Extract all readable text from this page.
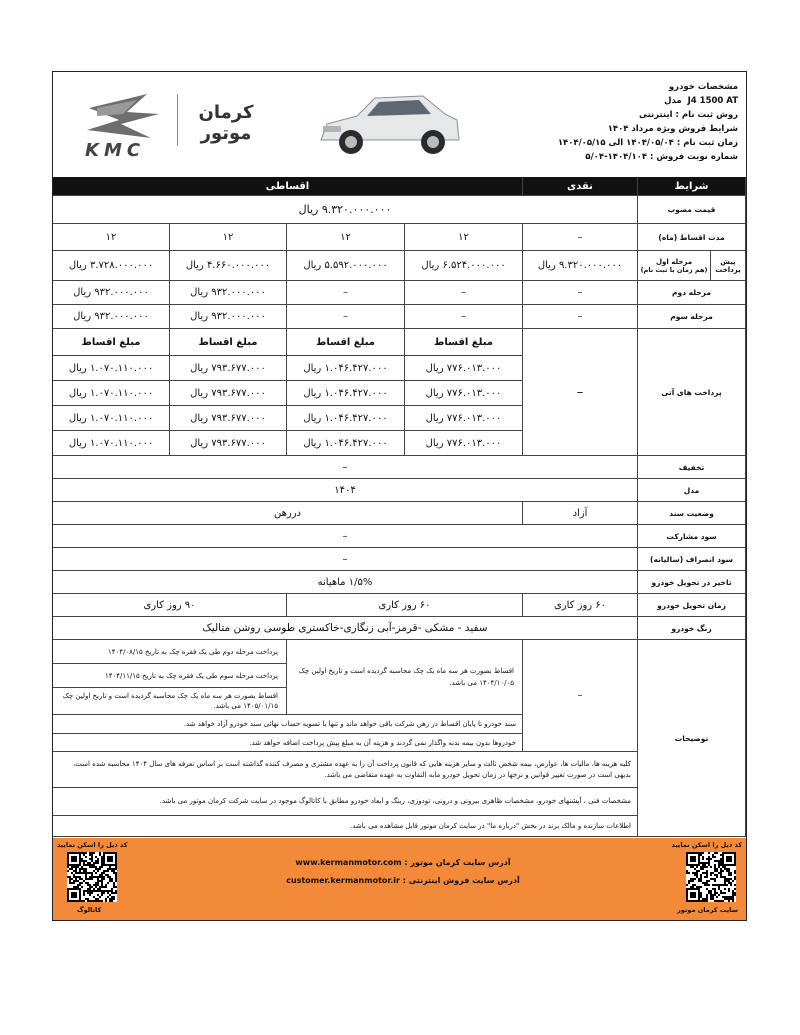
KMC
کرمان موتور
مشخصات خودرو
J4 1500 ATمدل
روش ثبت نام : اینترنتی
شرایط فروش ویژه مرداد ۱۴۰۴
زمان ثبت نام : ۱۴۰۴/۰۵/۰۴ الی ۱۴۰۴/۰۵/۱۵
شماره نوبت فروش : ۱۴۰۴/۱۰۴-۵/۰۴
شرایط
نقدی
اقساطی
قیمت مصوب
۹.۳۲۰.۰۰۰.۰۰۰ ریال
مدت اقساط (ماه)
–
۱۲
۱۲
۱۲
۱۲
پیش پرداخت
مرحله اول
(هم زمان با ثبت نام)
۹.۳۲۰.۰۰۰.۰۰۰ ریال
۶.۵۲۴.۰۰۰.۰۰۰ ریال
۵.۵۹۲.۰۰۰.۰۰۰ ریال
۴.۶۶۰.۰۰۰.۰۰۰ ریال
۳.۷۲۸.۰۰۰.۰۰۰ ریال
مرحله دوم
–
–
–
۹۳۲.۰۰۰.۰۰۰ ریال
۹۳۲.۰۰۰.۰۰۰ ریال
مرحله سوم
–
–
–
۹۳۲.۰۰۰.۰۰۰ ریال
۹۳۲.۰۰۰.۰۰۰ ریال
پرداخت های آتی
–
تخفیف
–
مدل
۱۴۰۴
وضعیت سند
آزاد
دررهن
سود مشارکت
–
سود انصراف (سالیانه)
–
تاخیر در تحویل خودرو
۱/۵% ماهیانه
زمان تحویل خودرو
۶۰ روز کاری
۶۰ روز کاری
۹۰ روز کاری
رنگ خودرو
سفید - مشکی -قرمز-آبی زنگاری-خاکستری طوسی روشن متالیک
توضیحات
–
اقساط بصورت هر سه ماه یک چک محاسبه گردیده است و تاریخ اولین چک ۱۴۰۴/۱۰/۰۵ می باشد.
پرداخت مرحله دوم طی یک فقره چک به تاریخ ۱۴۰۴/۰۸/۱۵
پرداخت مرحله سوم طی یک فقره چک به تاریخ ۱۴۰۴/۱۱/۱۵
اقساط بصورت هر سه ماه یک چک محاسبه گردیده است و تاریخ اولین چک ۱۴۰۵/۰۱/۱۵ می باشد.
سند خودرو تا پایان اقساط در رهن شرکت باقی خواهد ماند و تنها با تسویه حساب نهائی سند خودرو آزاد خواهد شد.
خودروها بدون بیمه بدنه واگذار نمی گردند و هزینه آن به مبلغ پیش پرداخت اضافه خواهد شد.
کلیه هزینه ها، مالیات ها، عوارض، بیمه شخص ثالث و سایر هزینه هایی که قانون پرداخت آن را به عهده مشتری و مصرف کننده گذاشته است بر اساس تعرفه های سال ۱۴۰۴ محاسبه شده است، بدیهی است در صورت تغییر قوانین و نرخها در زمان تحویل خودرو مابه التفاوت به عهده متقاضی می باشد.
مشخصات فنی ، آپشنهای خودرو، مشخصات ظاهری بیرونی و درونی، تودوزی، رینگ و ابعاد خودرو مطابق با کاتالوگ موجود در سایت شرکت کرمان موتور می باشد.
اطلاعات سازنده و مالک برند در بخش "درباره ما" در سایت کرمان موتور قابل مشاهده می باشد.
مبلغ اقساط
۷۷۶.۰۱۳.۰۰۰ ریال
۷۷۶.۰۱۳.۰۰۰ ریال
۷۷۶.۰۱۳.۰۰۰ ریال
۷۷۶.۰۱۳.۰۰۰ ریال
مبلغ اقساط
۱.۰۴۶.۴۲۷.۰۰۰ ریال
۱.۰۴۶.۴۲۷.۰۰۰ ریال
۱.۰۴۶.۴۲۷.۰۰۰ ریال
۱.۰۴۶.۴۲۷.۰۰۰ ریال
مبلغ اقساط
۷۹۳.۶۷۷.۰۰۰ ریال
۷۹۳.۶۷۷.۰۰۰ ریال
۷۹۳.۶۷۷.۰۰۰ ریال
۷۹۳.۶۷۷.۰۰۰ ریال
مبلغ اقساط
۱.۰۷۰.۱۱۰.۰۰۰ ریال
۱.۰۷۰.۱۱۰.۰۰۰ ریال
۱.۰۷۰.۱۱۰.۰۰۰ ریال
۱.۰۷۰.۱۱۰.۰۰۰ ریال
کد ذیل را اسکن نمایید
کد ذیل را اسکن نمایید
سایت کرمان موتور
کاتالوگ
www.kermanmotor.com : آدرس سایت کرمان موتور
customer.kermanmotor.ir : آدرس سایت فروش اینترنتی
